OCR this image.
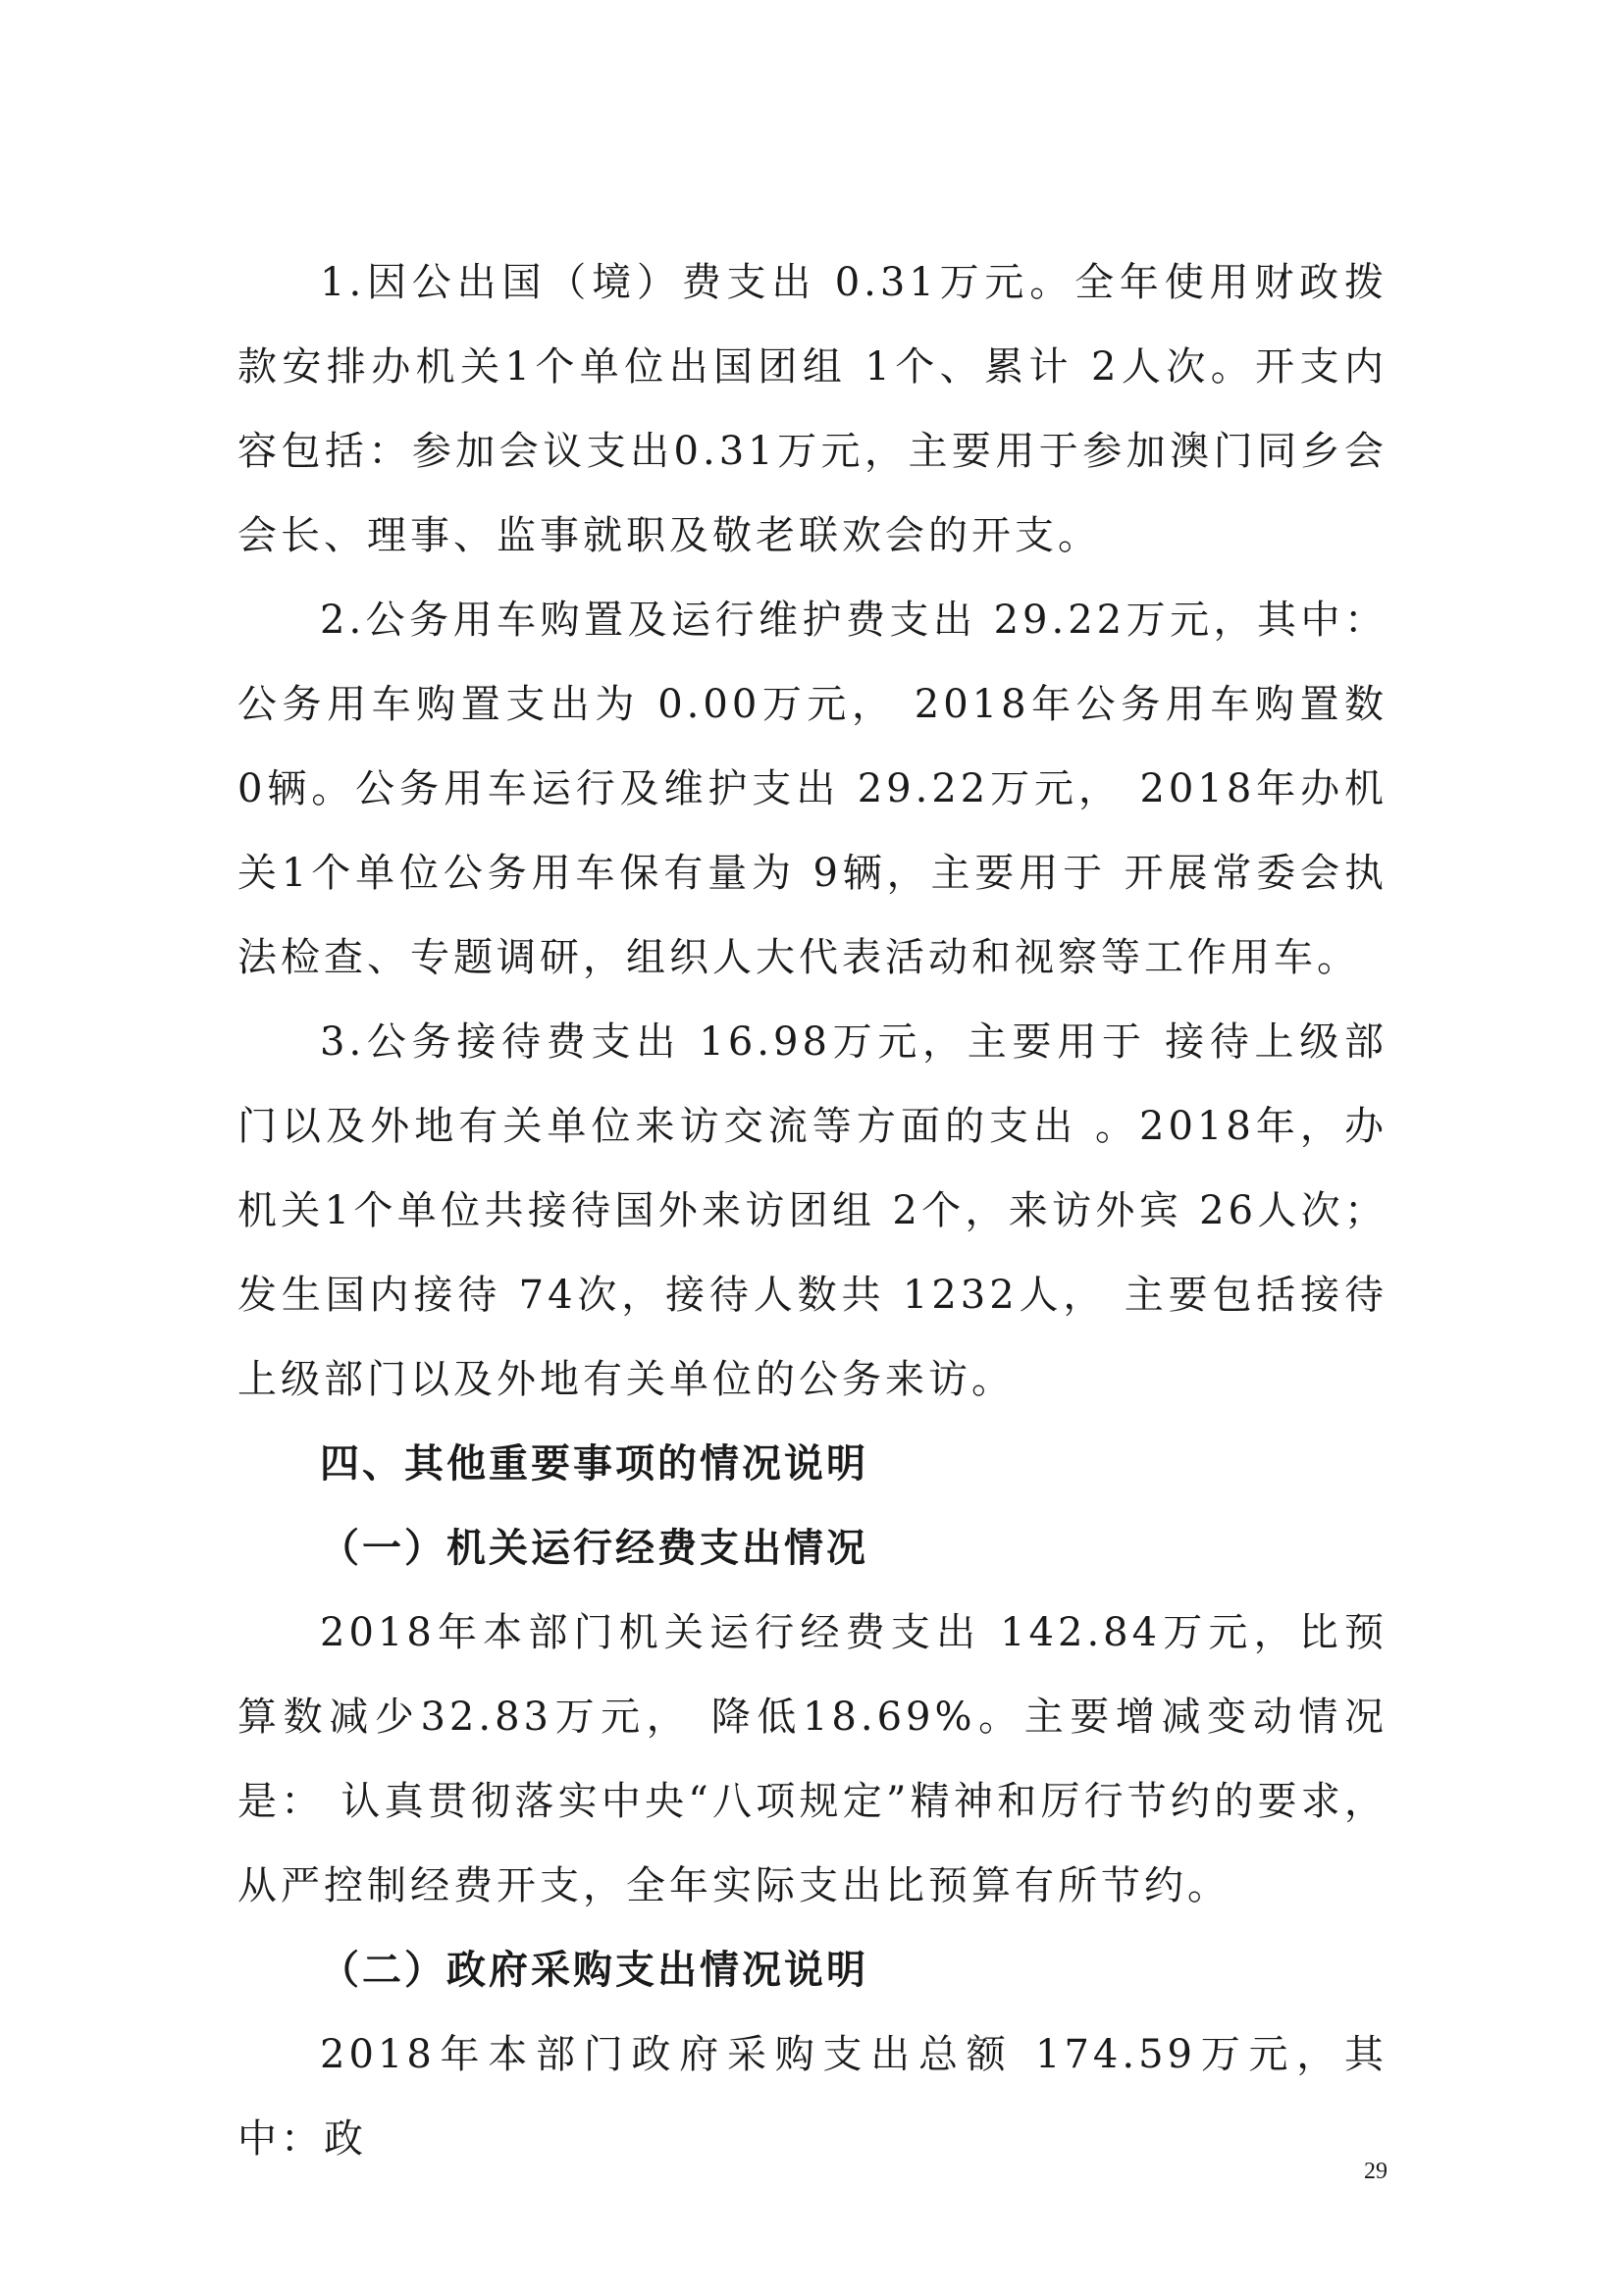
1.因公出国（境）费支出 0.31万元。全年使用财政拨款安排办机关1个单位出国团组 1个、累计 2人次。开支内容包括：参加会议支出0.31万元，主要用于参加澳门同乡会会长、理事、监事就职及敬老联欢会的开支。

2.公务用车购置及运行维护费支出 29.22万元，其中：公务用车购置支出为 0.00万元， 2018年公务用车购置数 0辆。公务用车运行及维护支出 29.22万元， 2018年办机关1个单位公务用车保有量为 9辆，主要用于 开展常委会执法检查、专题调研，组织人大代表活动和视察等工作用车。

3.公务接待费支出 16.98万元，主要用于 接待上级部门以及外地有关单位来访交流等方面的支出 。2018年，办机关1个单位共接待国外来访团组 2个，来访外宾 26人次；发生国内接待 74次，接待人数共 1232人， 主要包括接待上级部门以及外地有关单位的公务来访。

四、其他重要事项的情况说明

（一）机关运行经费支出情况

2018年本部门机关运行经费支出 142.84万元，比预算数减少32.83万元， 降低18.69%。主要增减变动情况是： 认真贯彻落实中央“八项规定”精神和厉行节约的要求，从严控制经费开支，全年实际支出比预算有所节约。

（二）政府采购支出情况说明

2018年本部门政府采购支出总额 174.59万元，其中：政

29
